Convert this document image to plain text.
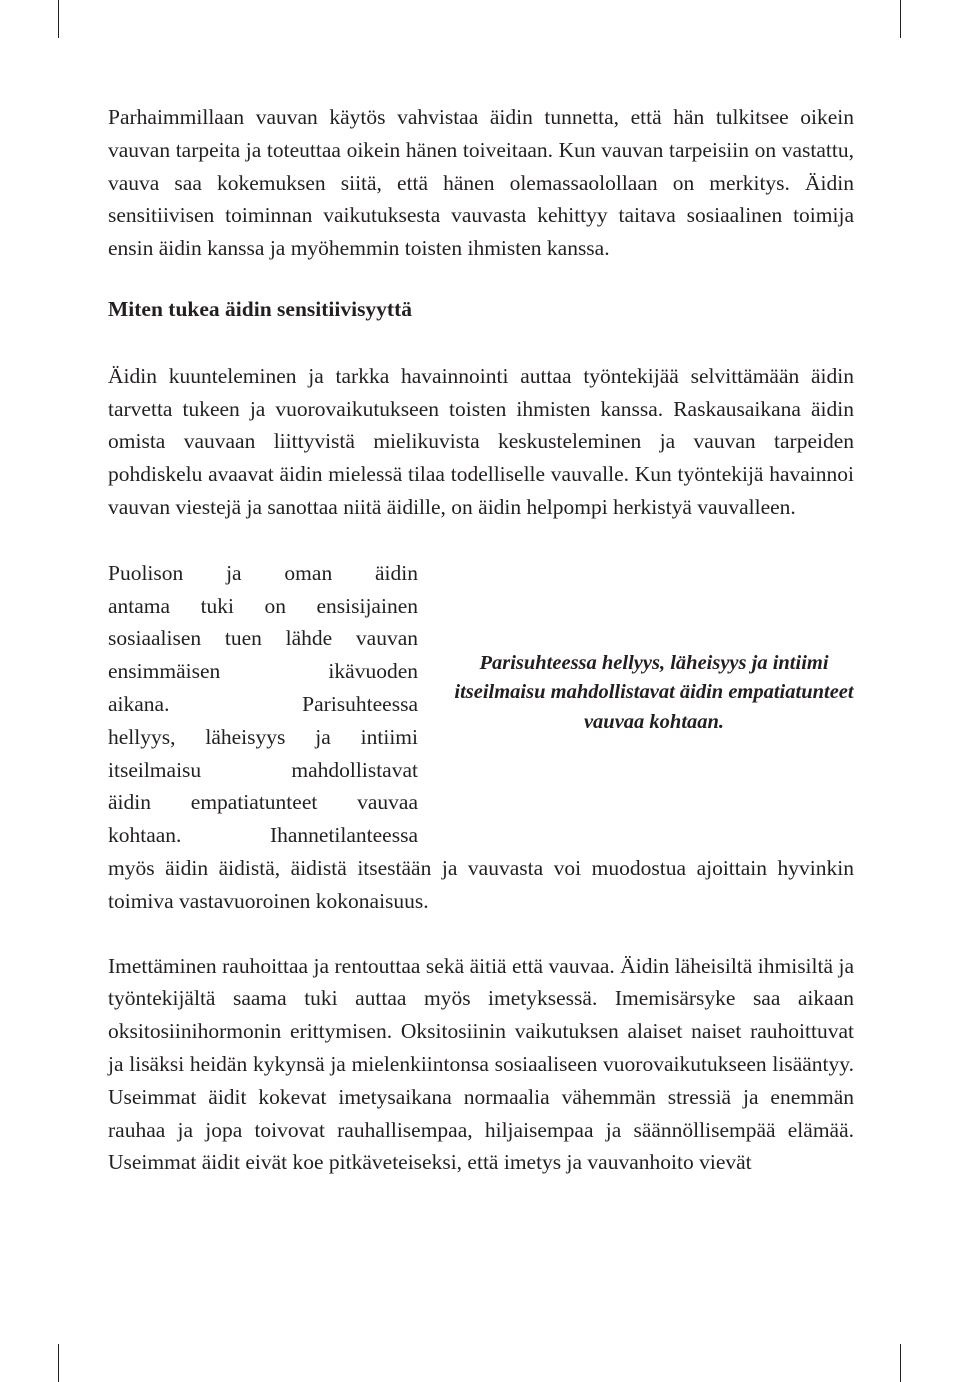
Parhaimmillaan vauvan käytös vahvistaa äidin tunnetta, että hän tulkitsee oikein vauvan tarpeita ja toteuttaa oikein hänen toiveitaan. Kun vauvan tarpeisiin on vastattu, vauva saa kokemuksen siitä, että hänen olemassaolollaan on merkitys. Äidin sensitiivisen toiminnan vaikutuksesta vauvasta kehittyy taitava sosiaalinen toimija ensin äidin kanssa ja myöhemmin toisten ihmisten kanssa.

Miten tukea äidin sensitiivisyyttä

Äidin kuunteleminen ja tarkka havainnointi auttaa työntekijää selvittämään äidin tarvetta tukeen ja vuorovaikutukseen toisten ihmisten kanssa. Raskausaikana äidin omista vauvaan liittyvistä mielikuvista keskusteleminen ja vauvan tarpeiden pohdiskelu avaavat äidin mielessä tilaa todelliselle vauvalle. Kun työntekijä havainnoi vauvan viestejä ja sanottaa niitä äidille, on äidin helpompi herkistyä vauvalleen.

Puolison ja oman äidin
antama tuki on ensisijainen
sosiaalisen tuen lähde vauvan
ensimmäisen ikävuoden
aikana. Parisuhteessa
hellyys, läheisyys ja intiimi
itseilmaisu mahdollistavat
äidin empatiatunteet vauvaa
kohtaan. Ihannetilanteessa
Parisuhteessa hellyys, läheisyys ja intiimi itseilmaisu mahdollistavat äidin empatiatunteet vauvaa kohtaan.

myös äidin äidistä, äidistä itsestään ja vauvasta voi muodostua ajoittain hyvinkin toimiva vastavuoroinen kokonaisuus.

Imettäminen rauhoittaa ja rentouttaa sekä äitiä että vauvaa. Äidin läheisiltä ihmisiltä ja työntekijältä saama tuki auttaa myös imetyksessä. Imemisärsyke saa aikaan oksitosiinihormonin erittymisen. Oksitosiinin vaikutuksen alaiset naiset rauhoittuvat ja lisäksi heidän kykynsä ja mielenkiintonsa sosiaaliseen vuorovaikutukseen lisääntyy. Useimmat äidit kokevat imetysaikana normaalia vähemmän stressiä ja enemmän rauhaa ja jopa toivovat rauhallisempaa, hiljaisempaa ja säännöllisempää elämää. Useimmat äidit eivät koe pitkäveteiseksi, että imetys ja vauvanhoito vievät
